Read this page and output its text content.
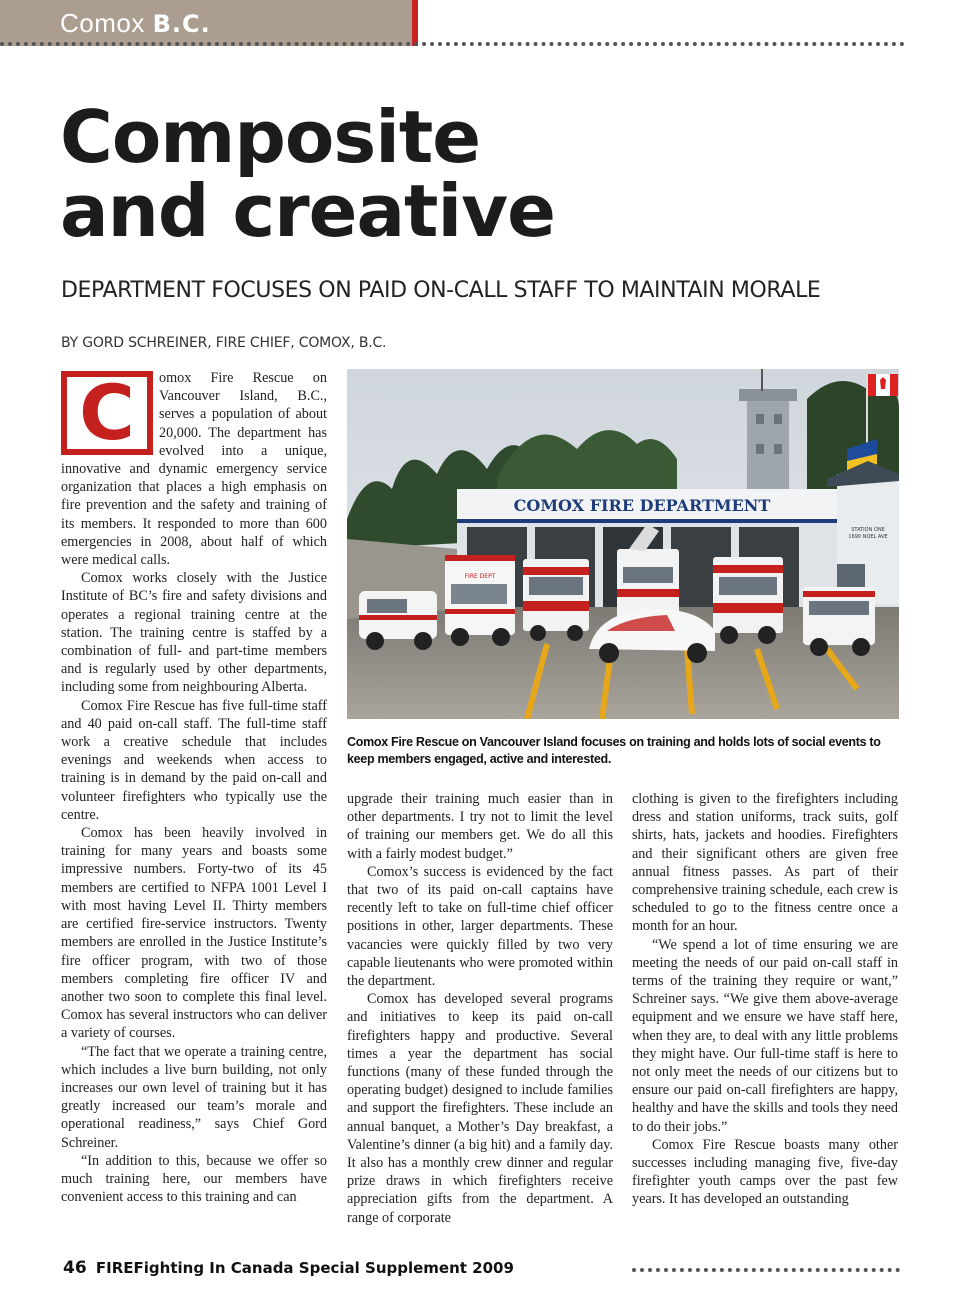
Comox B.C.
Composite
and creative
DEPARTMENT FOCUSES ON PAID ON-CALL STAFF TO MAINTAIN MORALE
BY GORD SCHREINER, FIRE CHIEF, COMOX, B.C.

C	omox Fire Rescue on Vancouver Island, B.C., serves a population of about 20,000. The department has evolved into a unique, innovative and dynamic emergency service organization that places a high emphasis on fire prevention and the safety and training of its members. It responded to more than 600 emergencies in 2008, about half of which were medical calls.

Comox works closely with the Justice Institute of BC’s fire and safety divisions and operates a regional training centre at the station. The training centre is staffed by a combination of full- and part-time members and is regularly used by other departments, including some from neighbouring Alberta.

Comox Fire Rescue has five full-time staff and 40 paid on-call staff. The full-time staff work a creative schedule that includes evenings and weekends when access to training is in demand by the paid on-call and volunteer firefighters who typically use the centre.

Comox has been heavily involved in training for many years and boasts some impressive numbers. Forty-two of its 45 members are certified to NFPA 1001 Level I with most having Level II. Thirty members are certified fire-service instructors. Twenty members are enrolled in the Justice Institute’s fire officer program, with two of those members completing fire officer IV and another two soon to complete this final level. Comox has several instructors who can deliver a variety of courses.

“The fact that we operate a training centre, which includes a live burn building, not only increases our own level of training but it has greatly increased our team’s morale and operational readiness,” says Chief Gord Schreiner.

“In addition to this, because we offer so much training here, our members have convenient access to this training and can

COMOX FIRE DEPARTMENT
STATION ONE
1690 NOEL AVE
FIRE DEPT
Comox Fire Rescue on Vancouver Island focuses on training and holds lots of social events to keep members engaged, active and interested.

upgrade their training much easier than in other departments. I try not to limit the level of training our members get. We do all this with a fairly modest budget.”

Comox’s success is evidenced by the fact that two of its paid on-call captains have recently left to take on full-time chief officer positions in other, larger departments. These vacancies were quickly filled by two very capable lieutenants who were promoted within the department.

Comox has developed several programs and initiatives to keep its paid on-call firefighters happy and productive. Several times a year the department has social functions (many of these funded through the operating budget) designed to include families and support the firefighters. These include an annual banquet, a Mother’s Day breakfast, a Valentine’s dinner (a big hit) and a family day. It also has a monthly crew dinner and regular prize draws in which firefighters receive appreciation gifts from the department. A range of corporate

clothing is given to the firefighters including dress and station uniforms, track suits, golf shirts, hats, jackets and hoodies. Firefighters and their significant others are given free annual fitness passes. As part of their comprehensive training schedule, each crew is scheduled to go to the fitness centre once a month for an hour.

“We spend a lot of time ensuring we are meeting the needs of our paid on-call staff in terms of the training they require or want,” Schreiner says. “We give them above-average equipment and we ensure we have staff here, when they are, to deal with any little problems they might have. Our full-time staff is here to not only meet the needs of our citizens but to ensure our paid on-call firefighters are happy, healthy and have the skills and tools they need to do their jobs.”

Comox Fire Rescue boasts many other successes including managing five, five-day firefighter youth camps over the past few years. It has developed an outstanding

46 FIREFighting In Canada Special Supplement 2009
